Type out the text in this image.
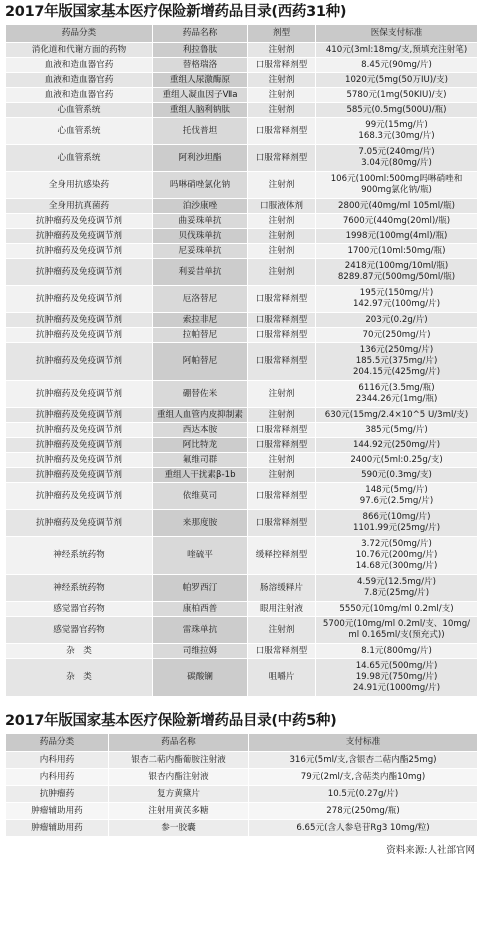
2017年版国家基本医疗保险新增药品目录(西药31种)
药品分类	药品名称	剂型	医保支付标准
消化道和代谢方面的药物	利拉鲁肽	注射剂	410元(3ml:18mg/支,预填充注射笔)

血液和造血器官药	替格瑞洛	口服常释剂型	8.45元(90mg/片)

血液和造血器官药	重组人尿激酶原	注射剂	1020元(5mg(50万IU)/支)

血液和造血器官药	重组人凝血因子Ⅶa	注射剂	5780元(1mg(50KIU)/支)

心血管系统	重组人脑利钠肽	注射剂	585元(0.5mg(500U)/瓶)

心血管系统	托伐普坦	口服常释剂型	99元(15mg/片)
168.3元(30mg/片)

心血管系统	阿利沙坦酯	口服常释剂型	7.05元(240mg/片)
3.04元(80mg/片)

全身用抗感染药	吗啉硝唑氯化钠	注射剂	106元(100ml:500mg吗啉硝唑和
900mg氯化钠/瓶)

全身用抗真菌药	泊沙康唑	口服液体剂	2800元(40mg/ml 105ml/瓶)

抗肿瘤药及免疫调节剂	曲妥珠单抗	注射剂	7600元(440mg(20ml)/瓶)

抗肿瘤药及免疫调节剂	贝伐珠单抗	注射剂	1998元(100mg(4ml)/瓶)

抗肿瘤药及免疫调节剂	尼妥珠单抗	注射剂	1700元(10ml:50mg/瓶)

抗肿瘤药及免疫调节剂	利妥昔单抗	注射剂	2418元(100mg/10ml/瓶)
8289.87元(500mg/50ml/瓶)

抗肿瘤药及免疫调节剂	厄洛替尼	口服常释剂型	195元(150mg/片)
142.97元(100mg/片)

抗肿瘤药及免疫调节剂	索拉非尼	口服常释剂型	203元(0.2g/片)

抗肿瘤药及免疫调节剂	拉帕替尼	口服常释剂型	70元(250mg/片)

抗肿瘤药及免疫调节剂	阿帕替尼	口服常释剂型	136元(250mg/片)
185.5元(375mg/片)
204.15元(425mg/片)

抗肿瘤药及免疫调节剂	硼替佐米	注射剂	6116元(3.5mg/瓶)
2344.26元(1mg/瓶)

抗肿瘤药及免疫调节剂	重组人血管内皮抑制素	注射剂	630元(15mg/2.4×10^5 U/3ml/支)

抗肿瘤药及免疫调节剂	西达本胺	口服常释剂型	385元(5mg/片)

抗肿瘤药及免疫调节剂	阿比特龙	口服常释剂型	144.92元(250mg/片)

抗肿瘤药及免疫调节剂	氟维司群	注射剂	2400元(5ml:0.25g/支)

抗肿瘤药及免疫调节剂	重组人干扰素β-1b	注射剂	590元(0.3mg/支)

抗肿瘤药及免疫调节剂	依维莫司	口服常释剂型	148元(5mg/片)
97.6元(2.5mg/片)

抗肿瘤药及免疫调节剂	来那度胺	口服常释剂型	866元(10mg/片)
1101.99元(25mg/片)

神经系统药物	喹硫平	缓释控释剂型	3.72元(50mg/片)
10.76元(200mg/片)
14.68元(300mg/片)

神经系统药物	帕罗西汀	肠溶缓释片	4.59元(12.5mg/片)
7.8元(25mg/片)

感觉器官药物	康柏西普	眼用注射液	5550元(10mg/ml 0.2ml/支)

感觉器官药物	雷珠单抗	注射剂	5700元(10mg/ml 0.2ml/支、10mg/
ml 0.165ml/支(预充式))

杂　类	司维拉姆	口服常释剂型	8.1元(800mg/片)

杂　类	碳酸镧	咀嚼片	14.65元(500mg/片)
19.98元(750mg/片)
24.91元(1000mg/片)
2017年版国家基本医疗保险新增药品目录(中药5种)
药品分类	药品名称	支付标准
内科用药	银杏二萜内酯葡胺注射液	316元(5ml/支,含银杏二萜内酯25mg)
内科用药	银杏内酯注射液	79元(2ml/支,含萜类内酯10mg)
抗肿瘤药	复方黄黛片	10.5元(0.27g/片)
肿瘤辅助用药	注射用黄芪多糖	278元(250mg/瓶)
肿瘤辅助用药	参一胶囊	6.65元(含人参皂苷Rg3 10mg/粒)
资料来源:人社部官网
